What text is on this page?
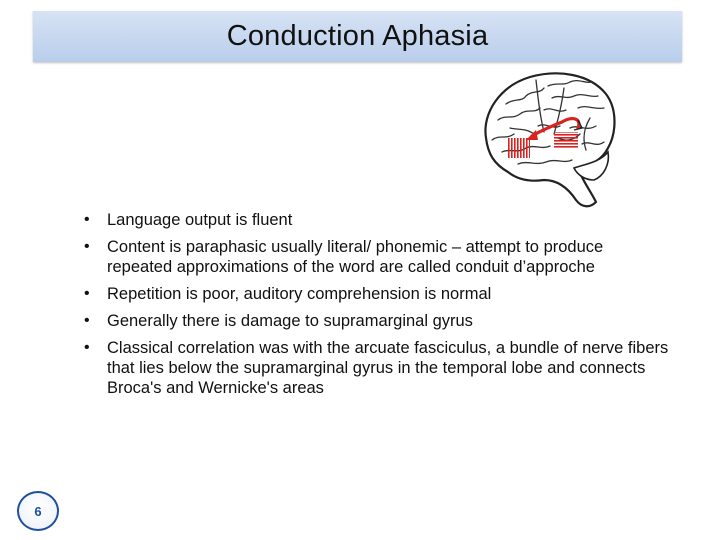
Conduction Aphasia
• Language output is fluent
• Content is paraphasic usually literal/ phonemic – attempt to produce repeated approximations of the word are called conduit d’approche
• Repetition is poor, auditory comprehension is normal
• Generally there is damage to supramarginal gyrus
• Classical correlation was with the arcuate fasciculus, a bundle of nerve fibers that lies below the supramarginal gyrus in the temporal lobe and connects Broca's and Wernicke's areas
6
